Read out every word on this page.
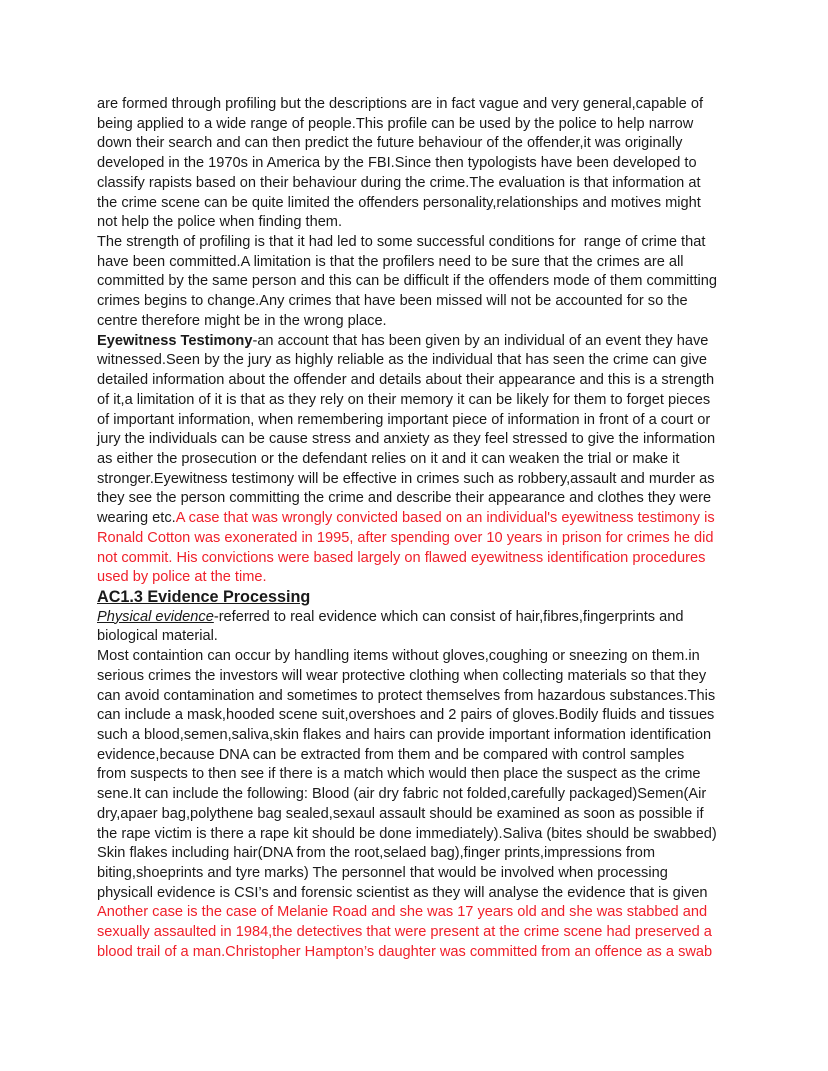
are formed through profiling but the descriptions are in fact vague and very general,capable of
being applied to a wide range of people.This profile can be used by the police to help narrow
down their search and can then predict the future behaviour of the offender,it was originally
developed in the 1970s in America by the FBI.Since then typologists have been developed to
classify rapists based on their behaviour during the crime.The evaluation is that information at
the crime scene can be quite limited the offenders personality,relationships and motives might
not help the police when finding them.
The strength of profiling is that it had led to some successful conditions for  range of crime that
have been committed.A limitation is that the profilers need to be sure that the crimes are all
committed by the same person and this can be difficult if the offenders mode of them committing
crimes begins to change.Any crimes that have been missed will not be accounted for so the
centre therefore might be in the wrong place.
Eyewitness Testimony-an account that has been given by an individual of an event they have
witnessed.Seen by the jury as highly reliable as the individual that has seen the crime can give
detailed information about the offender and details about their appearance and this is a strength
of it,a limitation of it is that as they rely on their memory it can be likely for them to forget pieces
of important information, when remembering important piece of information in front of a court or
jury the individuals can be cause stress and anxiety as they feel stressed to give the information
as either the prosecution or the defendant relies on it and it can weaken the trial or make it
stronger.Eyewitness testimony will be effective in crimes such as robbery,assault and murder as
they see the person committing the crime and describe their appearance and clothes they were
wearing etc.A case that was wrongly convicted based on an individual's eyewitness testimony is
Ronald Cotton was exonerated in 1995, after spending over 10 years in prison for crimes he did
not commit. His convictions were based largely on flawed eyewitness identification procedures
used by police at the time.
AC1.3 Evidence Processing
Physical evidence-referred to real evidence which can consist of hair,fibres,fingerprints and
biological material.
Most containtion can occur by handling items without gloves,coughing or sneezing on them.in
serious crimes the investors will wear protective clothing when collecting materials so that they
can avoid contamination and sometimes to protect themselves from hazardous substances.This
can include a mask,hooded scene suit,overshoes and 2 pairs of gloves.Bodily fluids and tissues
such a blood,semen,saliva,skin flakes and hairs can provide important information identification
evidence,because DNA can be extracted from them and be compared with control samples
from suspects to then see if there is a match which would then place the suspect as the crime
sene.It can include the following: Blood (air dry fabric not folded,carefully packaged)Semen(Air
dry,apaer bag,polythene bag sealed,sexaul assault should be examined as soon as possible if
the rape victim is there a rape kit should be done immediately).Saliva (bites should be swabbed)
Skin flakes including hair(DNA from the root,selaed bag),finger prints,impressions from
biting,shoeprints and tyre marks) The personnel that would be involved when processing
physicall evidence is CSI’s and forensic scientist as they will analyse the evidence that is given
Another case is the case of Melanie Road and she was 17 years old and she was stabbed and
sexually assaulted in 1984,the detectives that were present at the crime scene had preserved a
blood trail of a man.Christopher Hampton’s daughter was committed from an offence as a swab
